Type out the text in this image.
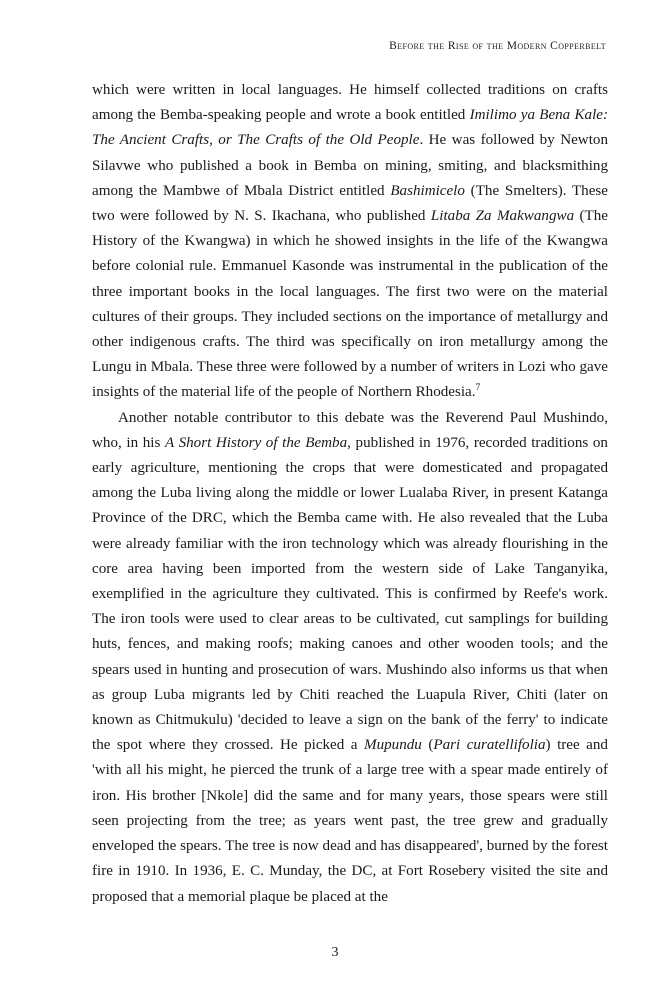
Before the Rise of the Modern Copperbelt

which were written in local languages. He himself collected traditions on crafts among the Bemba-speaking people and wrote a book entitled Imilimo ya Bena Kale: The Ancient Crafts, or The Crafts of the Old People. He was followed by Newton Silavwe who published a book in Bemba on mining, smiting, and blacksmithing among the Mambwe of Mbala District entitled Bashimicelo (The Smelters). These two were followed by N. S. Ikachana, who published Litaba Za Makwangwa (The History of the Kwangwa) in which he showed insights in the life of the Kwangwa before colonial rule. Emmanuel Kasonde was instrumental in the publication of the three important books in the local languages. The first two were on the material cultures of their groups. They included sections on the importance of metallurgy and other indigenous crafts. The third was specifically on iron metallurgy among the Lungu in Mbala. These three were followed by a number of writers in Lozi who gave insights of the material life of the people of Northern Rhodesia.$^7$

Another notable contributor to this debate was the Reverend Paul Mushindo, who, in his A Short History of the Bemba, published in 1976, recorded traditions on early agriculture, mentioning the crops that were domesticated and propagated among the Luba living along the middle or lower Lualaba River, in present Katanga Province of the DRC, which the Bemba came with. He also revealed that the Luba were already familiar with the iron technology which was already flourishing in the core area having been imported from the western side of Lake Tanganyika, exemplified in the agriculture they cultivated. This is confirmed by Reefe's work. The iron tools were used to clear areas to be cultivated, cut samplings for building huts, fences, and making roofs; making canoes and other wooden tools; and the spears used in hunting and prosecution of wars. Mushindo also informs us that when as group Luba migrants led by Chiti reached the Luapula River, Chiti (later on known as Chitmukulu) 'decided to leave a sign on the bank of the ferry' to indicate the spot where they crossed. He picked a Mupundu (Pari curatellifolia) tree and 'with all his might, he pierced the trunk of a large tree with a spear made entirely of iron. His brother [Nkole] did the same and for many years, those spears were still seen projecting from the tree; as years went past, the tree grew and gradually enveloped the spears. The tree is now dead and has disappeared', burned by the forest fire in 1910. In 1936, E. C. Munday, the DC, at Fort Rosebery visited the site and proposed that a memorial plaque be placed at the

3
